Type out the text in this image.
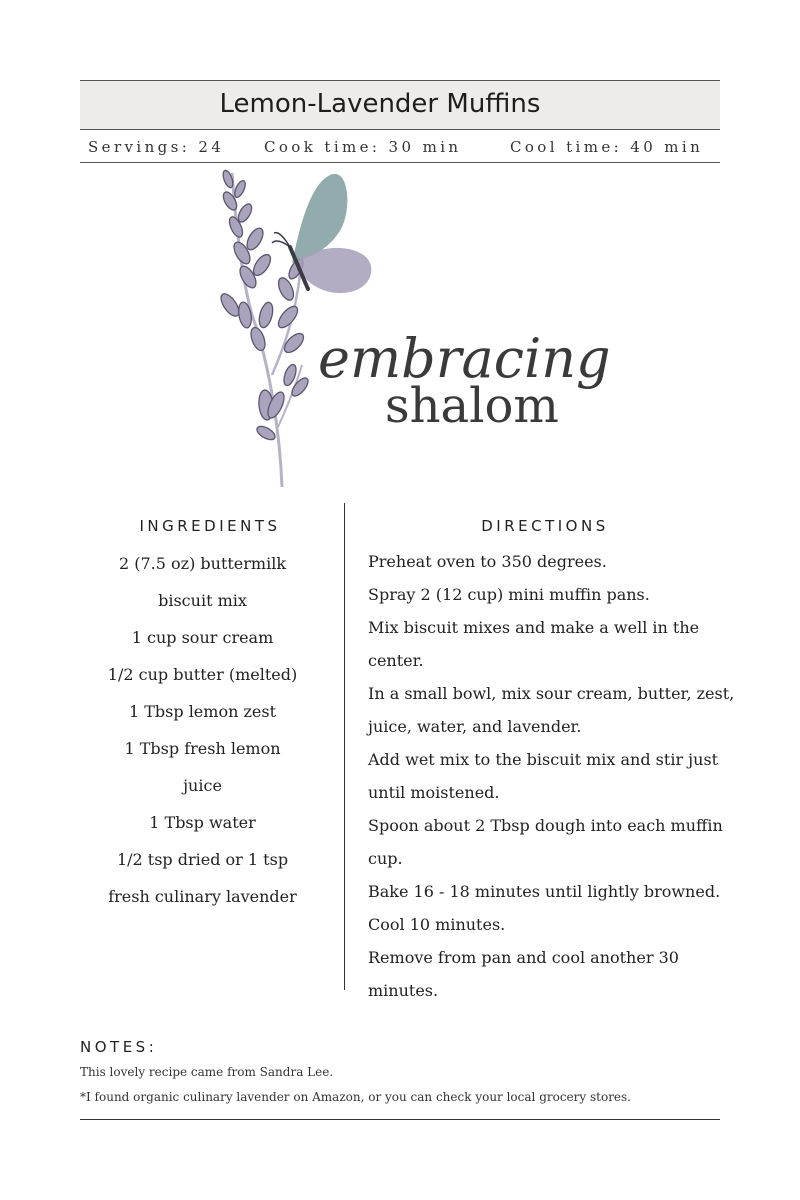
Lemon-Lavender Muffins
Servings: 24	Cook time: 30 min	Cool time: 40 min
embracing
shalom
INGREDIENTS
2 (7.5 oz) buttermilk
biscuit mix
1 cup sour cream
1/2 cup butter (melted)
1 Tbsp lemon zest
1 Tbsp fresh lemon
juice
1 Tbsp water
1/2 tsp dried or 1 tsp
fresh culinary lavender
DIRECTIONS
Preheat oven to 350 degrees.
Spray 2 (12 cup) mini muffin pans.
Mix biscuit mixes and make a well in the
center.
In a small bowl, mix sour cream, butter, zest,
juice, water, and lavender.
Add wet mix to the biscuit mix and stir just
until moistened.
Spoon about 2 Tbsp dough into each muffin
cup.
Bake 16 - 18 minutes until lightly browned.
Cool 10 minutes.
Remove from pan and cool another 30
minutes.
NOTES:
This lovely recipe came from Sandra Lee.
*I found organic culinary lavender on Amazon, or you can check your local grocery stores.
